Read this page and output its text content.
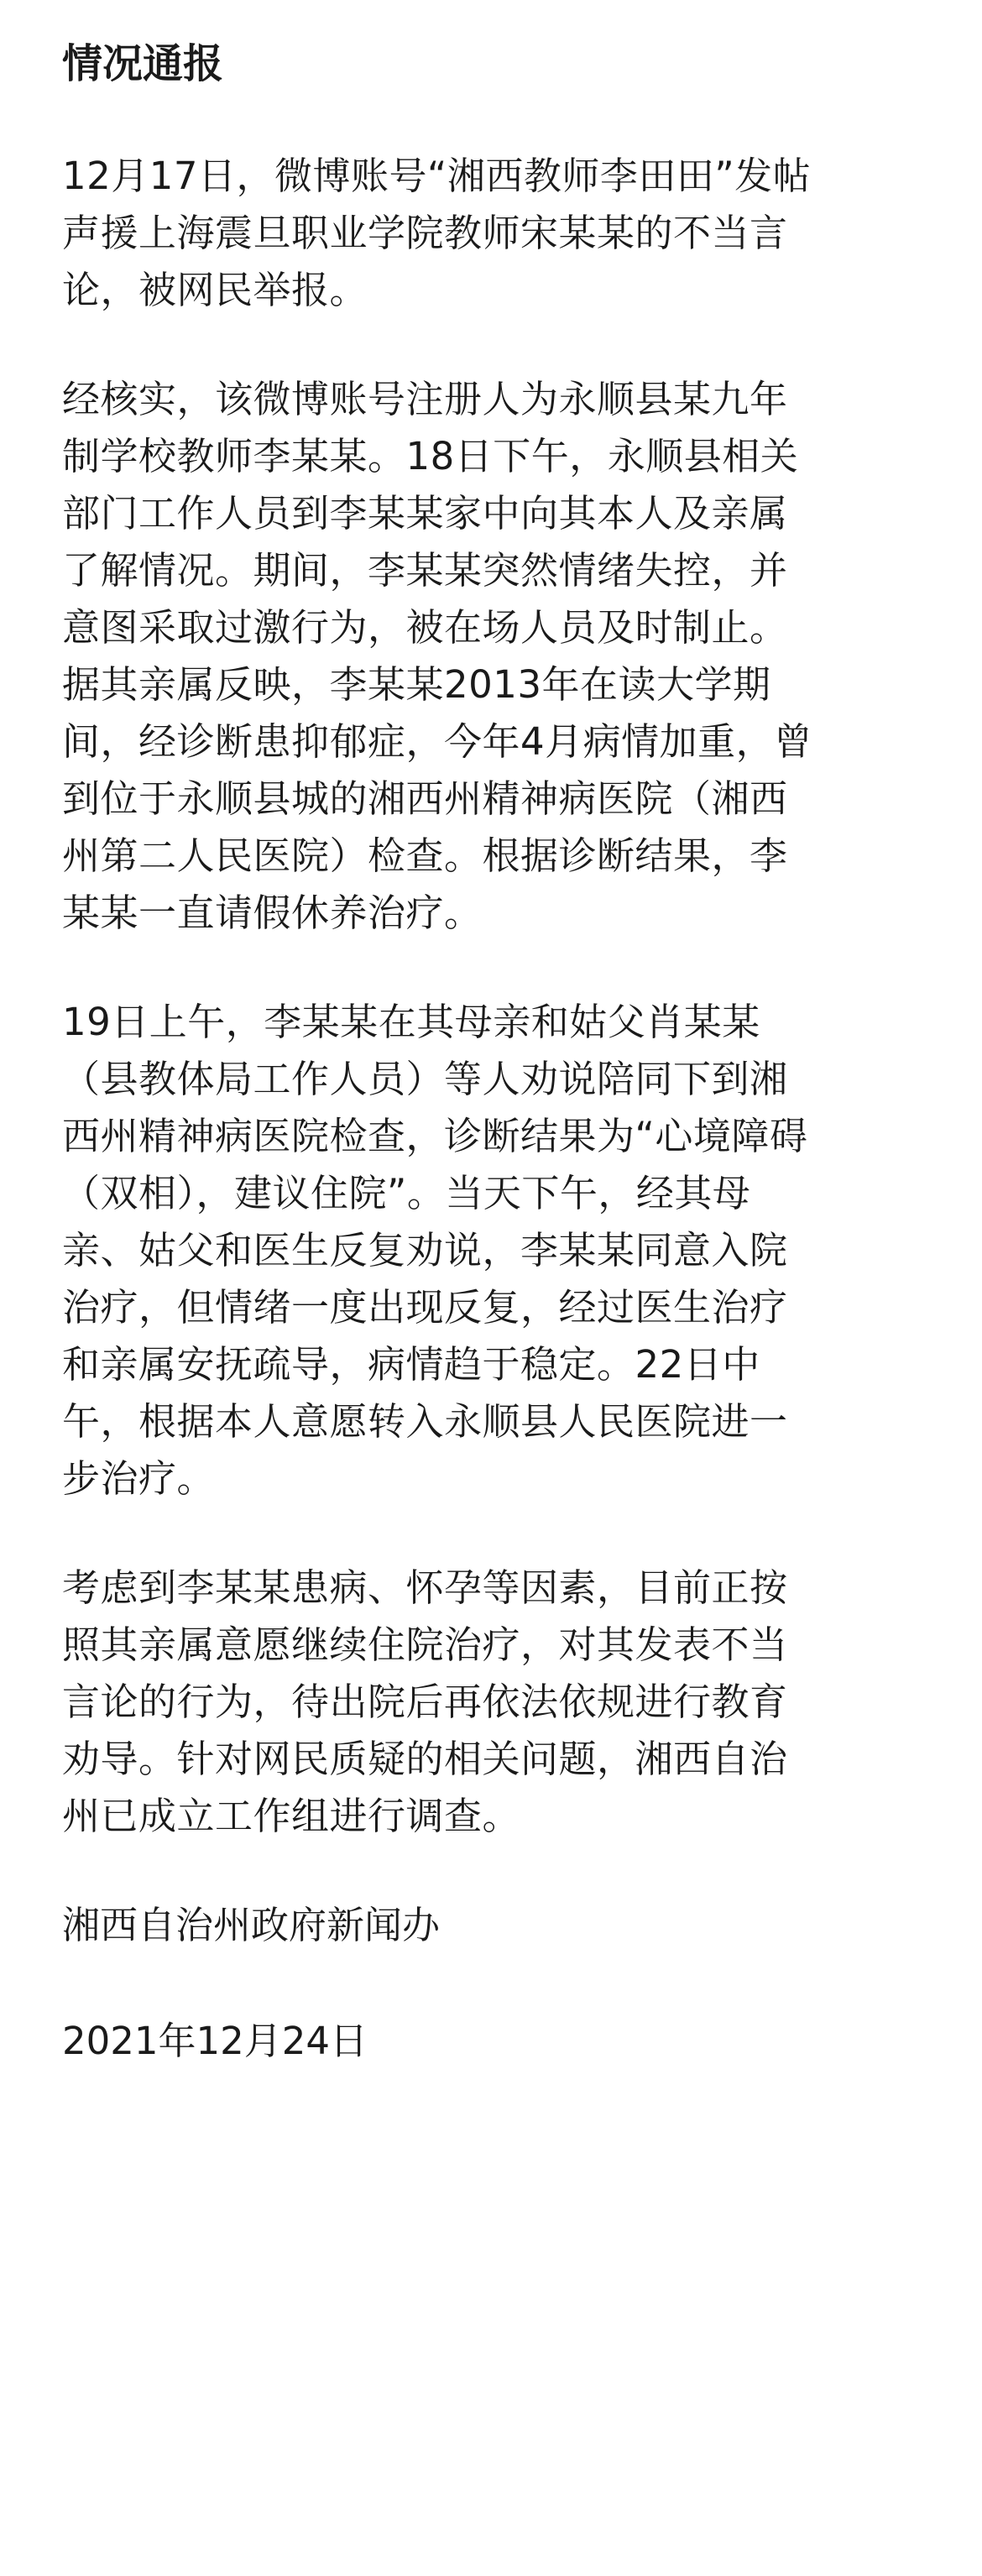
情况通报
12月17日，微博账号“湘西教师李田田”发帖
声援上海震旦职业学院教师宋某某的不当言
论，被网民举报。
经核实，该微博账号注册人为永顺县某九年
制学校教师李某某。18日下午，永顺县相关
部门工作人员到李某某家中向其本人及亲属
了解情况。期间，李某某突然情绪失控，并
意图采取过激行为，被在场人员及时制止。
据其亲属反映，李某某2013年在读大学期
间，经诊断患抑郁症，今年4月病情加重，曾
到位于永顺县城的湘西州精神病医院（湘西
州第二人民医院）检查。根据诊断结果，李
某某一直请假休养治疗。
19日上午，李某某在其母亲和姑父肖某某
（县教体局工作人员）等人劝说陪同下到湘
西州精神病医院检查，诊断结果为“心境障碍
（双相），建议住院”。当天下午，经其母
亲、姑父和医生反复劝说，李某某同意入院
治疗，但情绪一度出现反复，经过医生治疗
和亲属安抚疏导，病情趋于稳定。22日中
午，根据本人意愿转入永顺县人民医院进一
步治疗。
考虑到李某某患病、怀孕等因素，目前正按
照其亲属意愿继续住院治疗，对其发表不当
言论的行为，待出院后再依法依规进行教育
劝导。针对网民质疑的相关问题，湘西自治
州已成立工作组进行调查。
湘西自治州政府新闻办
2021年12月24日
